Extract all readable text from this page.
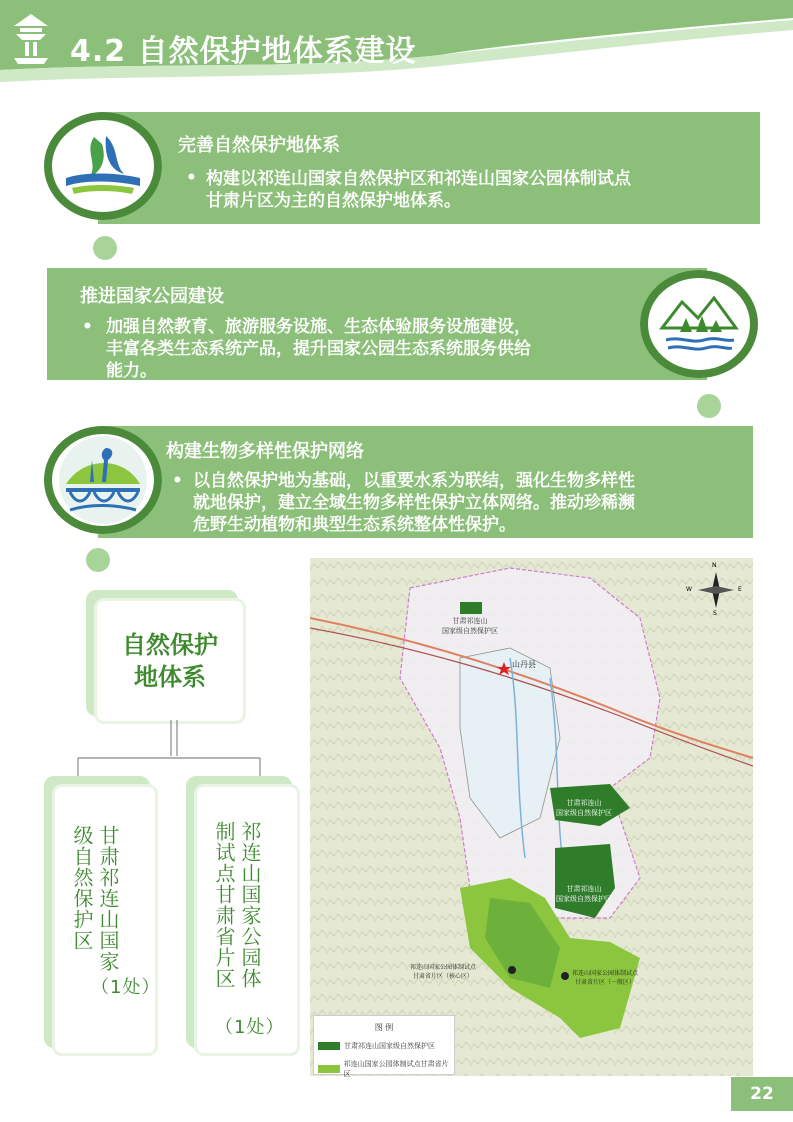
4.2 自然保护地体系建设
完善自然保护地体系
• 构建以祁连山国家自然保护区和祁连山国家公园体制试点

甘肃片区为主的自然保护地体系。

推进国家公园建设
• 加强自然教育、旅游服务设施、生态体验服务设施建设，

丰富各类生态系统产品，提升国家公园生态系统服务供给

能力。

构建生物多样性保护网络
• 以自然保护地为基础，以重要水系为联结，强化生物多样性

就地保护，建立全域生物多样性保护立体网络。推动珍稀濒

危野生动植物和典型生态系统整体性保护。

自然保护
地体系
甘肃祁连山国家级自然保护区
（1处）	祁连山国家公园体制试点甘肃省片区
（1处）
N
S
E
W
甘肃祁连山
国家级自然保护区
山丹县
甘肃祁连山
国家级自然保护区
甘肃祁连山
国家级自然保护区
祁连山国家公园体制试点
甘肃省片区（核心区）	祁连山国家公园体制试点
甘肃省片区（一般区）
图 例
甘肃祁连山国家级自然保护区
祁连山国家公园体制试点甘肃省片区
22
